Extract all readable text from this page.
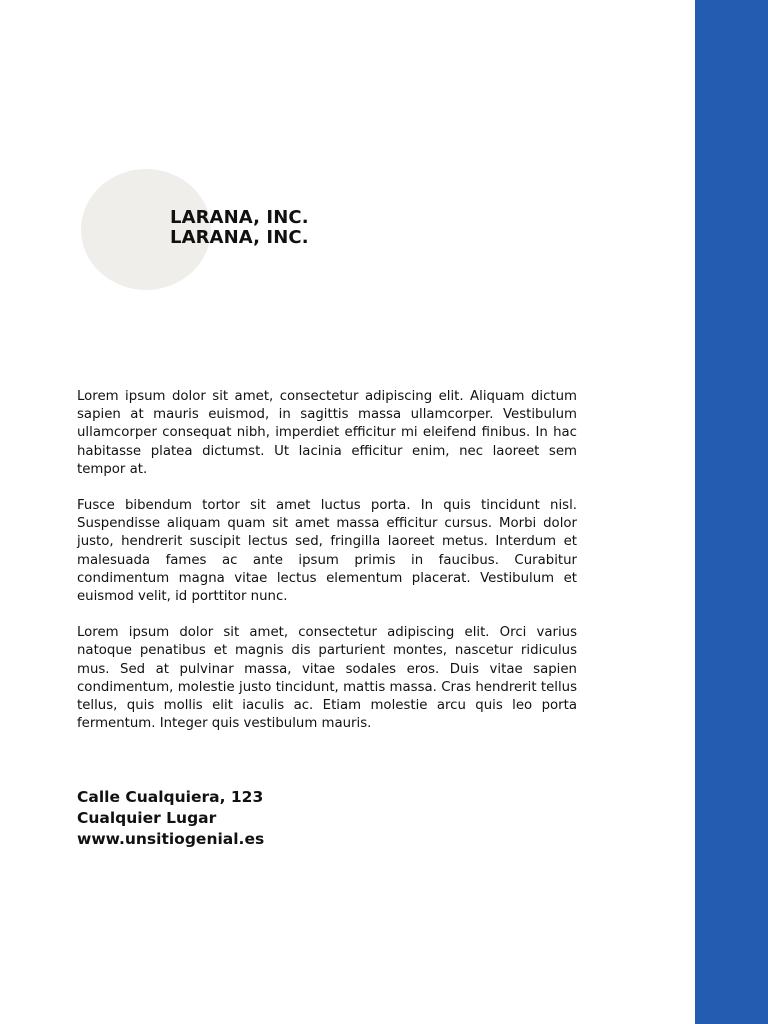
LARANA, INC.
LARANA, INC.

Lorem ipsum dolor sit amet, consectetur adipiscing elit. Aliquam dictum sapien at mauris euismod, in sagittis massa ullamcorper. Vestibulum ullamcorper consequat nibh, imperdiet efficitur mi eleifend finibus. In hac habitasse platea dictumst. Ut lacinia efficitur enim, nec laoreet sem tempor at.

Fusce bibendum tortor sit amet luctus porta. In quis tincidunt nisl. Suspendisse aliquam quam sit amet massa efficitur cursus. Morbi dolor justo, hendrerit suscipit lectus sed, fringilla laoreet metus. Interdum et malesuada fames ac ante ipsum primis in faucibus. Curabitur condimentum magna vitae lectus elementum placerat. Vestibulum et euismod velit, id porttitor nunc.

Lorem ipsum dolor sit amet, consectetur adipiscing elit. Orci varius natoque penatibus et magnis dis parturient montes, nascetur ridiculus mus. Sed at pulvinar massa, vitae sodales eros. Duis vitae sapien condimentum, molestie justo tincidunt, mattis massa. Cras hendrerit tellus tellus, quis mollis elit iaculis ac. Etiam molestie arcu quis leo porta fermentum. Integer quis vestibulum mauris.

Calle Cualquiera, 123
Cualquier Lugar
www.unsitiogenial.es
